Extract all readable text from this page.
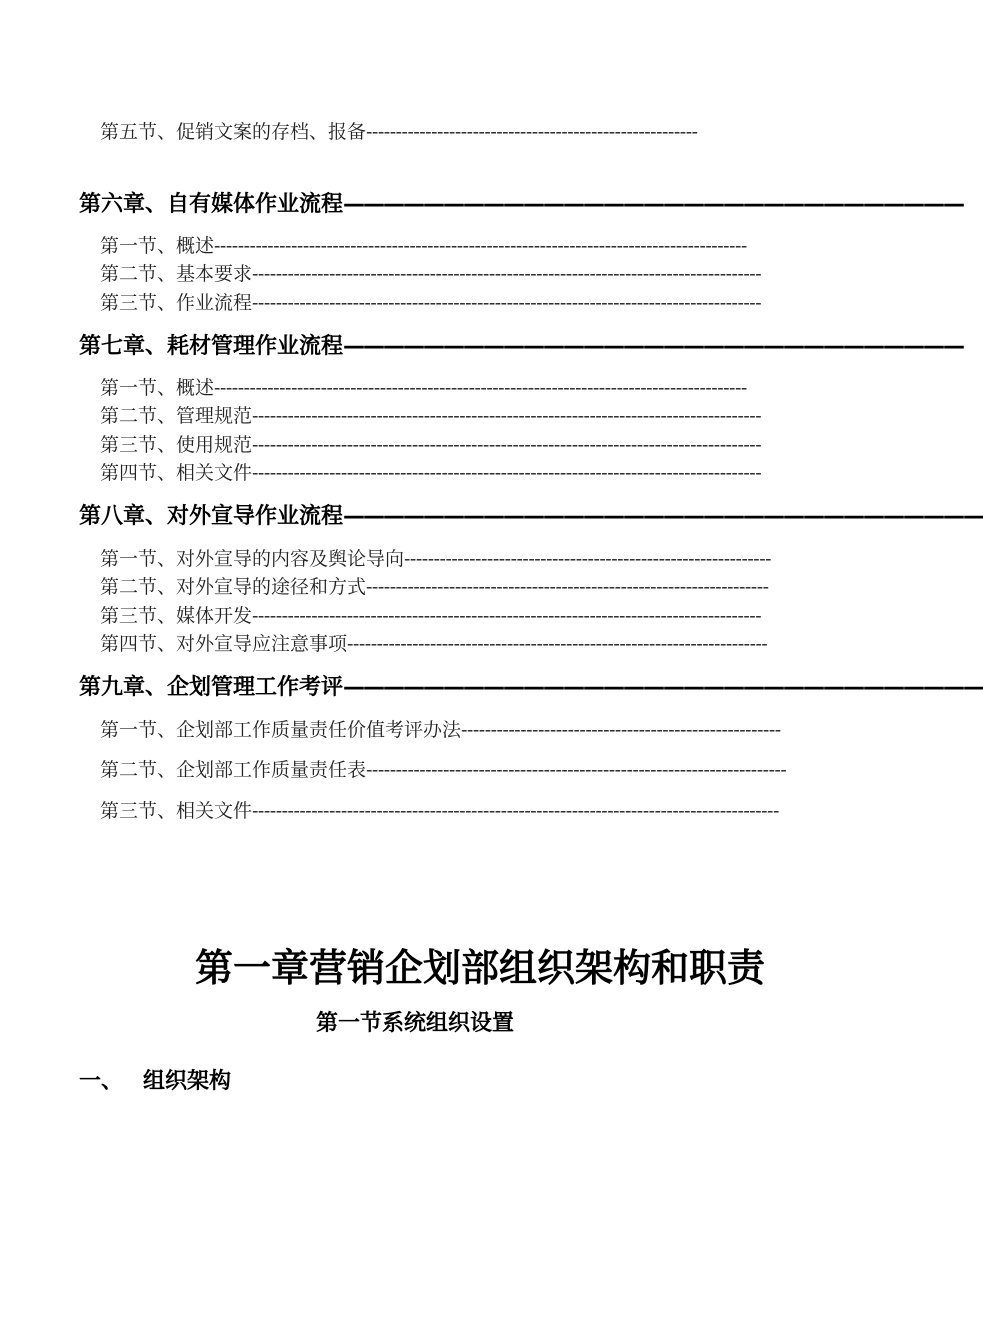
第五节、促销文案的存档、报备--------------------------------------------------------
第六章、自有媒体作业流程———————————————————————————————
第一节、概述------------------------------------------------------------------------------------------
第二节、基本要求--------------------------------------------------------------------------------------
第三节、作业流程--------------------------------------------------------------------------------------
第七章、耗材管理作业流程———————————————————————————————
第一节、概述------------------------------------------------------------------------------------------
第二节、管理规范--------------------------------------------------------------------------------------
第三节、使用规范--------------------------------------------------------------------------------------
第四节、相关文件--------------------------------------------------------------------------------------
第八章、对外宣导作业流程————————————————————————————————
第一节、对外宣导的内容及舆论导向--------------------------------------------------------------
第二节、对外宣导的途径和方式--------------------------------------------------------------------
第三节、媒体开发--------------------------------------------------------------------------------------
第四节、对外宣导应注意事项-----------------------------------------------------------------------
第九章、企划管理工作考评————————————————————————————————
第一节、企划部工作质量责任价值考评办法------------------------------------------------------
第二节、企划部工作质量责任表-----------------------------------------------------------------------
第三节、相关文件-----------------------------------------------------------------------------------------
第一章营销企划部组织架构和职责
第一节系统组织设置
一、 组织架构
